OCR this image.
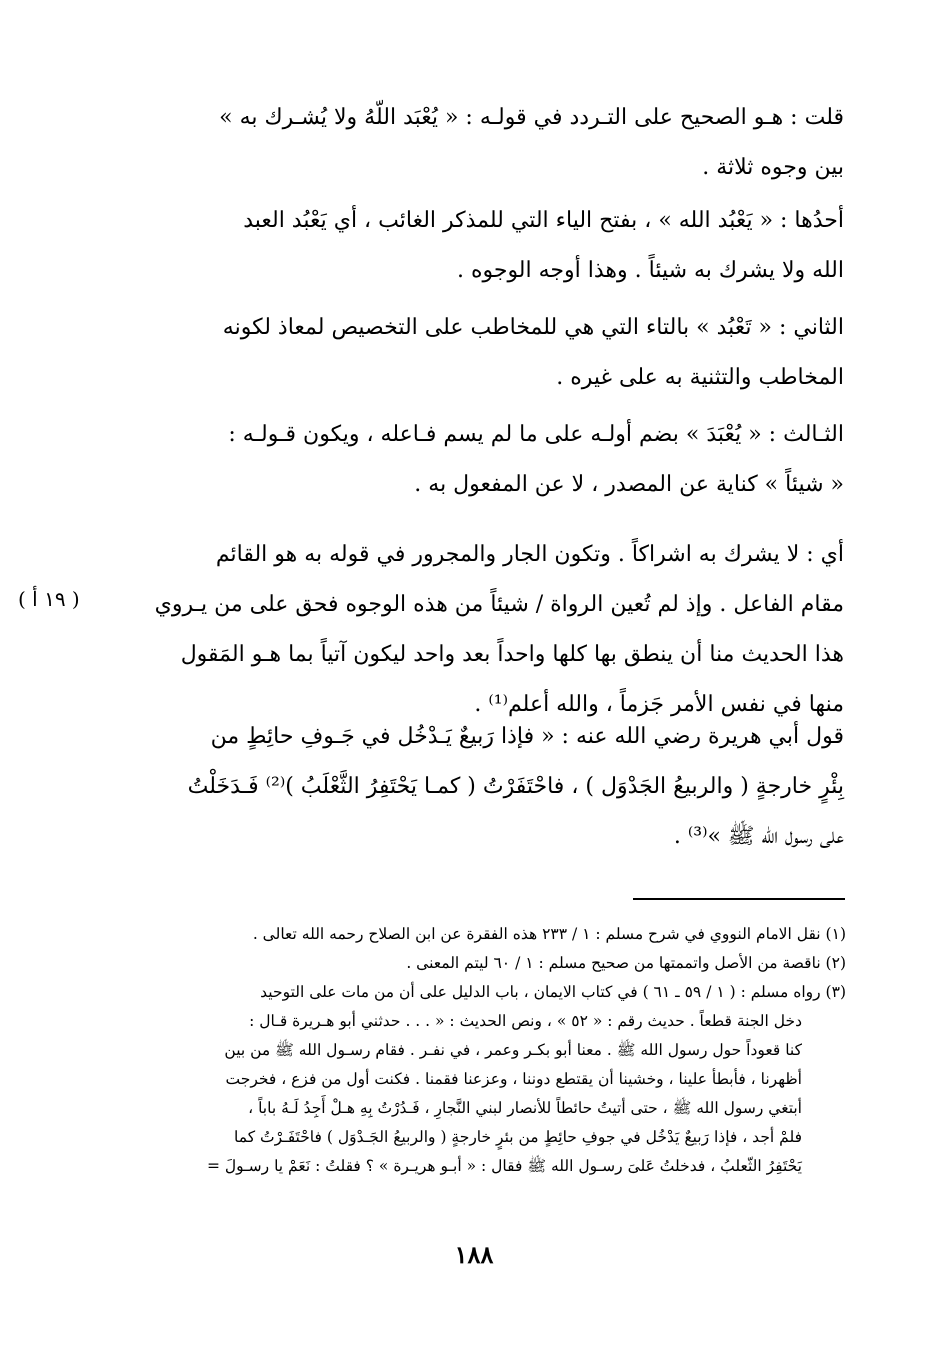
قلت : هـو الصحيح على التـردد في قولـه : « يُعْبَد اللّهُ ولا يُشـرك به »
بين وجوه ثلاثة .
أحدُها : « يَعْبُد الله » ، بفتح الياء التي للمذكر الغائب ، أي يَعْبُد العبد
الله ولا يشرك به شيئاً . وهذا أوجه الوجوه .
الثاني : « تَعْبُد » بالتاء التي هي للمخاطب على التخصيص لمعاذ لكونه
المخاطب والتثنية به على غيره .
الثـالث : « يُعْبَدَ » بضم أولـه على ما لم يسم فـاعله ، ويكون قـولـه :
« شيئاً » كناية عن المصدر ، لا عن المفعول به .
أي : لا يشرك به اشراكاً . وتكون الجار والمجرور في قوله به هو القائم
مقام الفاعل . وإذ لم تُعين الرواة / شيئاً من هذه الوجوه فحق على من يـروي
هذا الحديث منا أن ينطق بها كلها واحداً بعد واحد ليكون آتياً بما هـو المَقول
منها في نفس الأمر جَزماً ، والله أعلم⁽¹⁾ .
( ١٩ أ )
قول أبي هريرة رضي الله عنه : « فإذا رَبيعٌ يَـدْخُل في جَـوفِ حائِطٍ من
بِئْرٍ خارجةٍ ( والربيعُ الجَدْوَل ) ، فاحْتَفَرْتُ ( كمـا يَحْتَفِرُ الثَّعْلَبُ )⁽²⁾ فَـدَخَلْتُ
على رسول الله ﷺ »⁽³⁾ .
(١) نقل الامام النووي في شرح مسلم : ١ / ٢٣٣ هذه الفقرة عن ابن الصلاح رحمه الله تعالى .
(٢) ناقصة من الأصل واتممتها من صحيح مسلم : ١ / ٦٠ ليتم المعنى .
(٣) رواه مسلم : ( ١ / ٥٩ ـ ٦١ ) في كتاب الايمان ، باب الدليل على أن من مات على التوحيد
دخل الجنة قطعاً . حديث رقم : « ٥٢ » ، ونص الحديث : « . . . حدثني أبو هـريرة قـال :
كنا قعوداً حول رسول الله ﷺ . معنا أبو بكـر وعمر ، في نفـر . فقام رسـول الله ﷺ من بين
أظهرنا ، فأبطأ علينا ، وخشينا أن يقتطع دوننا ، وعزعنا فقمنا . فكنت أول من فزع ، فخرجت
أبتغي رسول الله ﷺ ، حتى أتيتُ حائطاً للأنصار لبني النَّجارِ ، فَـدُرْتُ بِهِ هـلْ أَجِدُ لَـهُ باباً ،
فلمْ أجد ، فإذا رَبيعٌ يَدْخُل في جوفِ حائِطٍ من بئرٍ خارجةٍ ( والربيعُ الجَـدْوَل ) فاحْتَفَـرْتُ كما
يَحْتَفِرُ الثّعلبُ ، فدخلتُ عَلىَ رسـول الله ﷺ فقال : « أبـو هريـرة » ؟ فقلتُ : نَعَمْ يا رسـولَ =
١٨٨
